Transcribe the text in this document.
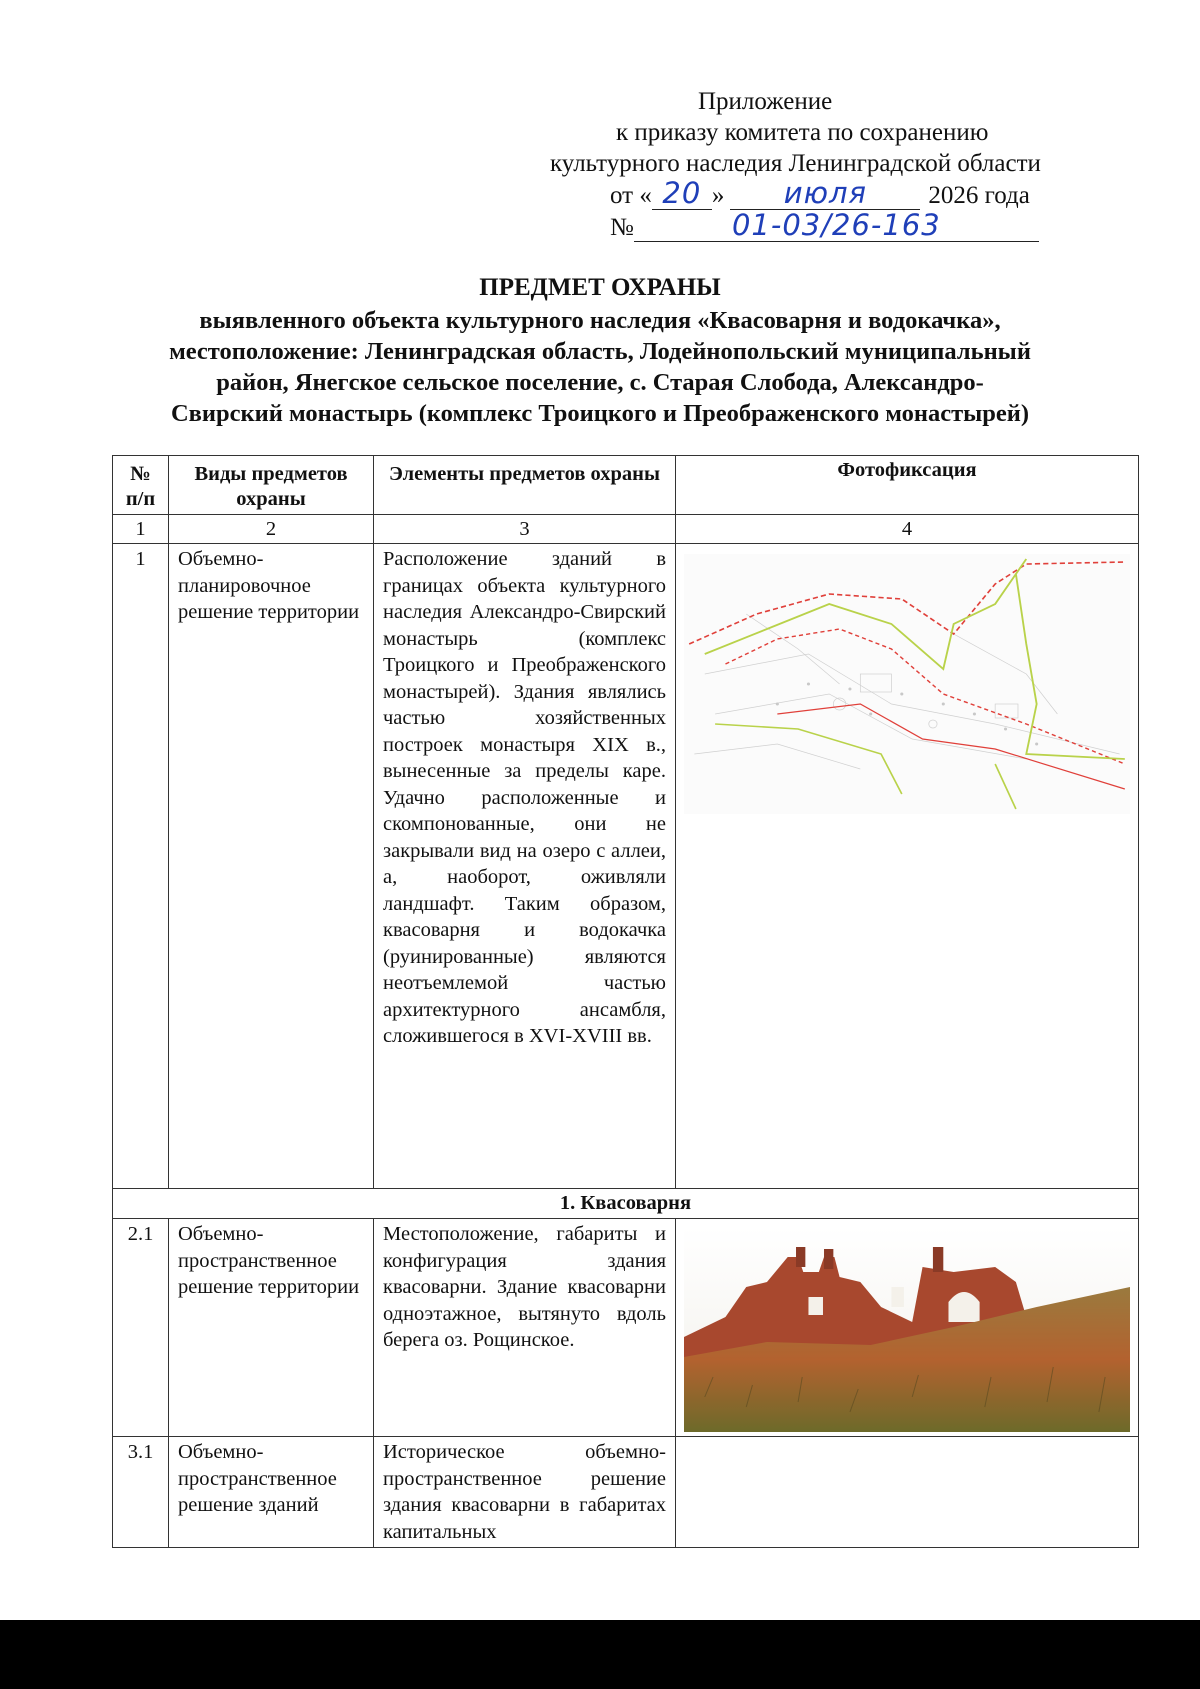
Приложение
к приказу комитета по сохранению
культурного наследия Ленинградской области
от « 20 » июля 2026 года
№	01-03/26-163
ПРЕДМЕТ ОХРАНЫ
выявленного объекта культурного наследия «Квасоварня и водокачка»,
местоположение: Ленинградская область, Лодейнопольский муниципальный
район, Янегское сельское поселение, с. Старая Слобода, Александро-
Свирский монастырь (комплекс Троицкого и Преображенского монастырей)
№ п/п	Виды предметов охраны	Элементы предметов охраны	Фотофиксация
1	2	3	4
1	Объемно-планировочное решение территории	Расположение зданий в границах объекта культурного наследия Александро-Свирский монастырь (комплекс Троицкого и Преображенского монастырей). Здания являлись частью хозяйственных построек монастыря XIX в., вынесенные за пределы каре. Удачно расположенные и скомпонованные, они не закрывали вид на озеро с аллеи, а, наоборот, оживляли ландшафт. Таким образом, квасоварня и водокачка (руинированные) являются неотъемлемой частью архитектурного ансамбля, сложившегося в XVI-XVIII вв.	

1. Квасоварня			
2.1	Объемно-пространственное решение территории	Местоположение, габариты и конфигурация здания квасоварни. Здание квасоварни одноэтажное, вытянуто вдоль берега оз. Рощинское.	

3.1	Объемно-пространственное решение зданий	Историческое объемно-пространственное решение здания квасоварни в габаритах капитальных	
